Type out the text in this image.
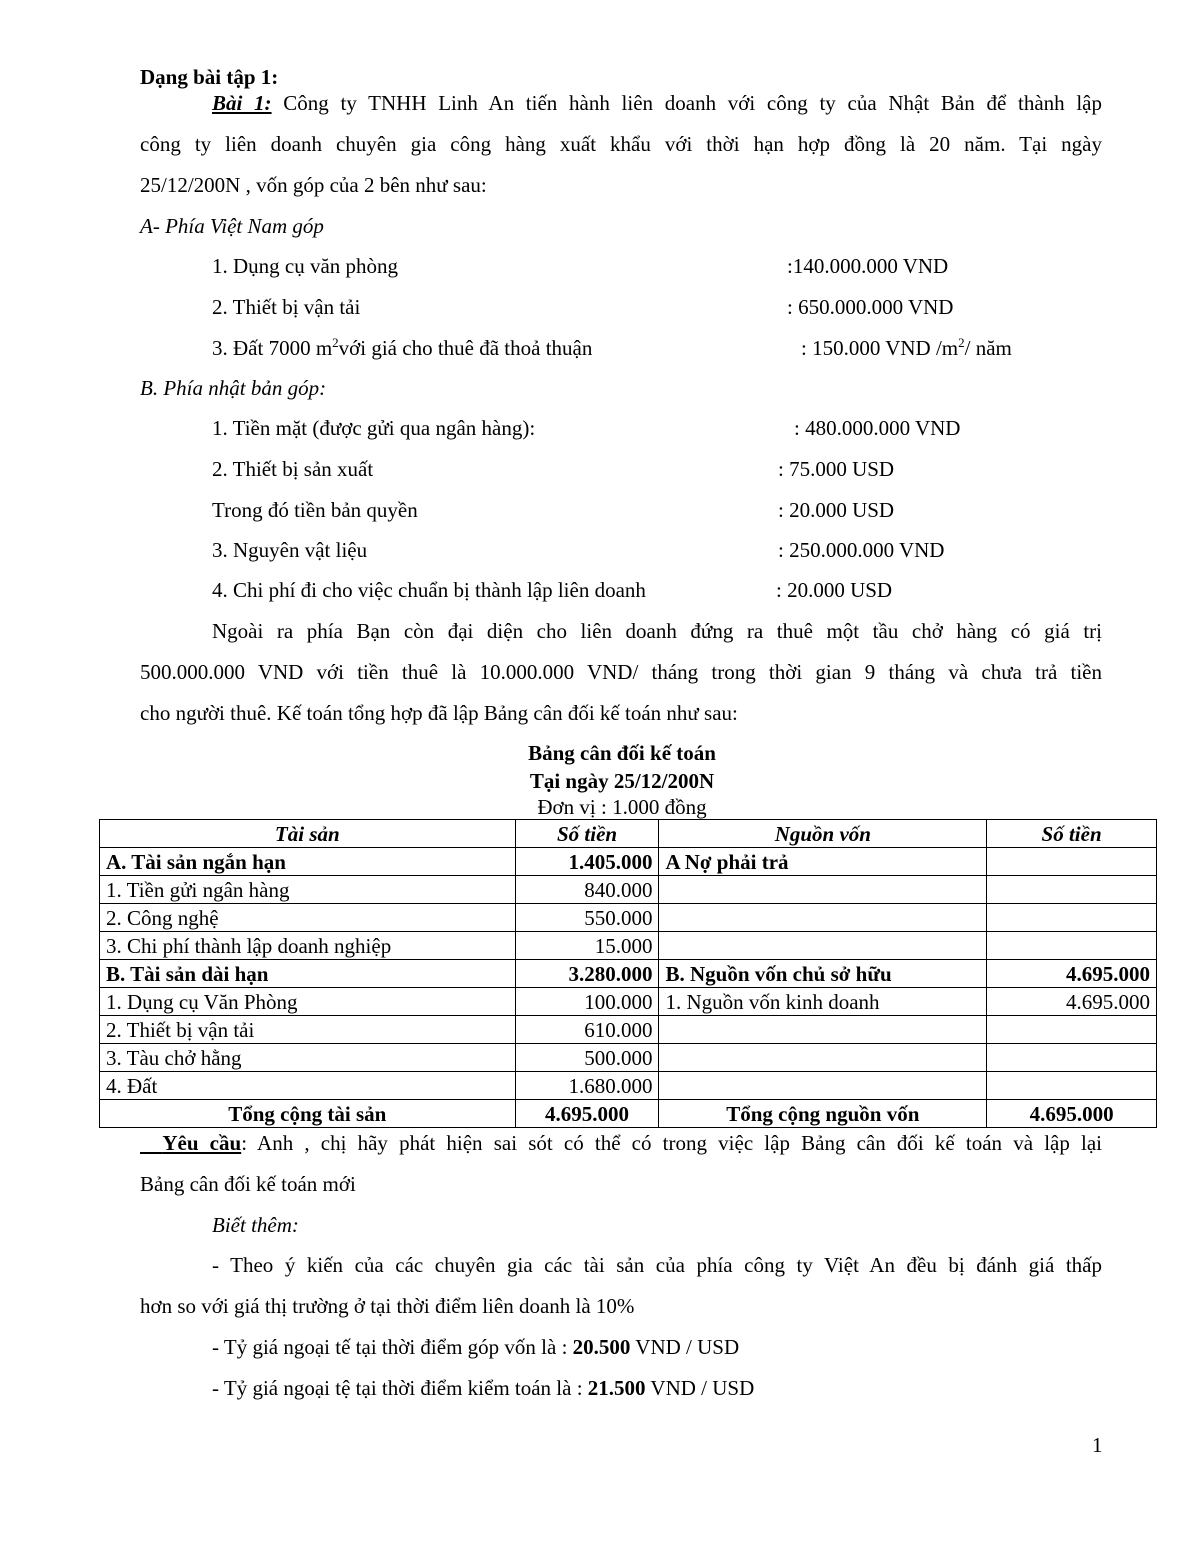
Dạng bài tập 1:
Bài 1: Công ty TNHH Linh An tiến hành liên doanh với công ty của Nhật Bản để thành lập
công ty liên doanh chuyên gia công hàng xuất khẩu với thời hạn hợp đồng là 20 năm. Tại ngày
25/12/200N , vốn góp của 2 bên như sau:
A- Phía Việt Nam góp
1. Dụng cụ văn phòng	:140.000.000 VND
2. Thiết bị vận tải	: 650.000.000 VND
3. Đất 7000 $m^2với$ giá cho thuê đã thoả thuận	: 150.000 VND $/m^2/$ năm
B. Phía nhật bản góp:
1. Tiền mặt (được gửi qua ngân hàng):	: 480.000.000 VND
2. Thiết bị sản xuất	: 75.000 USD
Trong đó tiền bản quyền	: 20.000 USD
3. Nguyên vật liệu	: 250.000.000 VND
4. Chi phí đi cho việc chuẩn bị thành lập liên doanh	: 20.000 USD
Ngoài ra phía Bạn còn đại diện cho liên doanh đứng ra thuê một tầu chở hàng có giá trị
500.000.000 VND với tiền thuê là 10.000.000 VND/ tháng trong thời gian 9 tháng và chưa trả tiền
cho người thuê. Kế toán tổng hợp đã lập Bảng cân đối kế toán như sau:
Bảng cân đối kế toán
Tại ngày 25/12/200N
Đơn vị : 1.000 đồng
Tài sản	Số tiền	Nguồn vốn	Số tiền
A. Tài sản ngắn hạn	1.405.000	A Nợ phải trả	
1. Tiền gửi ngân hàng	840.000		
2. Công nghệ	550.000		
3. Chi phí thành lập doanh nghiệp	15.000		
B. Tài sản dài hạn	3.280.000	B. Nguồn vốn chủ sở hữu	4.695.000
1. Dụng cụ Văn Phòng	100.000	1. Nguồn vốn kinh doanh	4.695.000
2. Thiết bị vận tải	610.000		
3. Tàu chở hằng	500.000		
4. Đất	1.680.000		
Tổng cộng tài sản	4.695.000	Tổng cộng nguồn vốn	4.695.000
Yêu cầu: Anh , chị hãy phát hiện sai sót có thể có trong việc lập Bảng cân đối kế toán và lập lại
Bảng cân đối kế toán mới
Biết thêm:
- Theo ý kiến của các chuyên gia các tài sản của phía công ty Việt An đều bị đánh giá thấp
hơn so với giá thị trường ở tại thời điểm liên doanh là 10%
- Tỷ giá ngoại tế tại thời điểm góp vốn là : 20.500 VND / USD
- Tỷ giá ngoại tệ tại thời điểm kiểm toán là : 21.500 VND / USD
1
